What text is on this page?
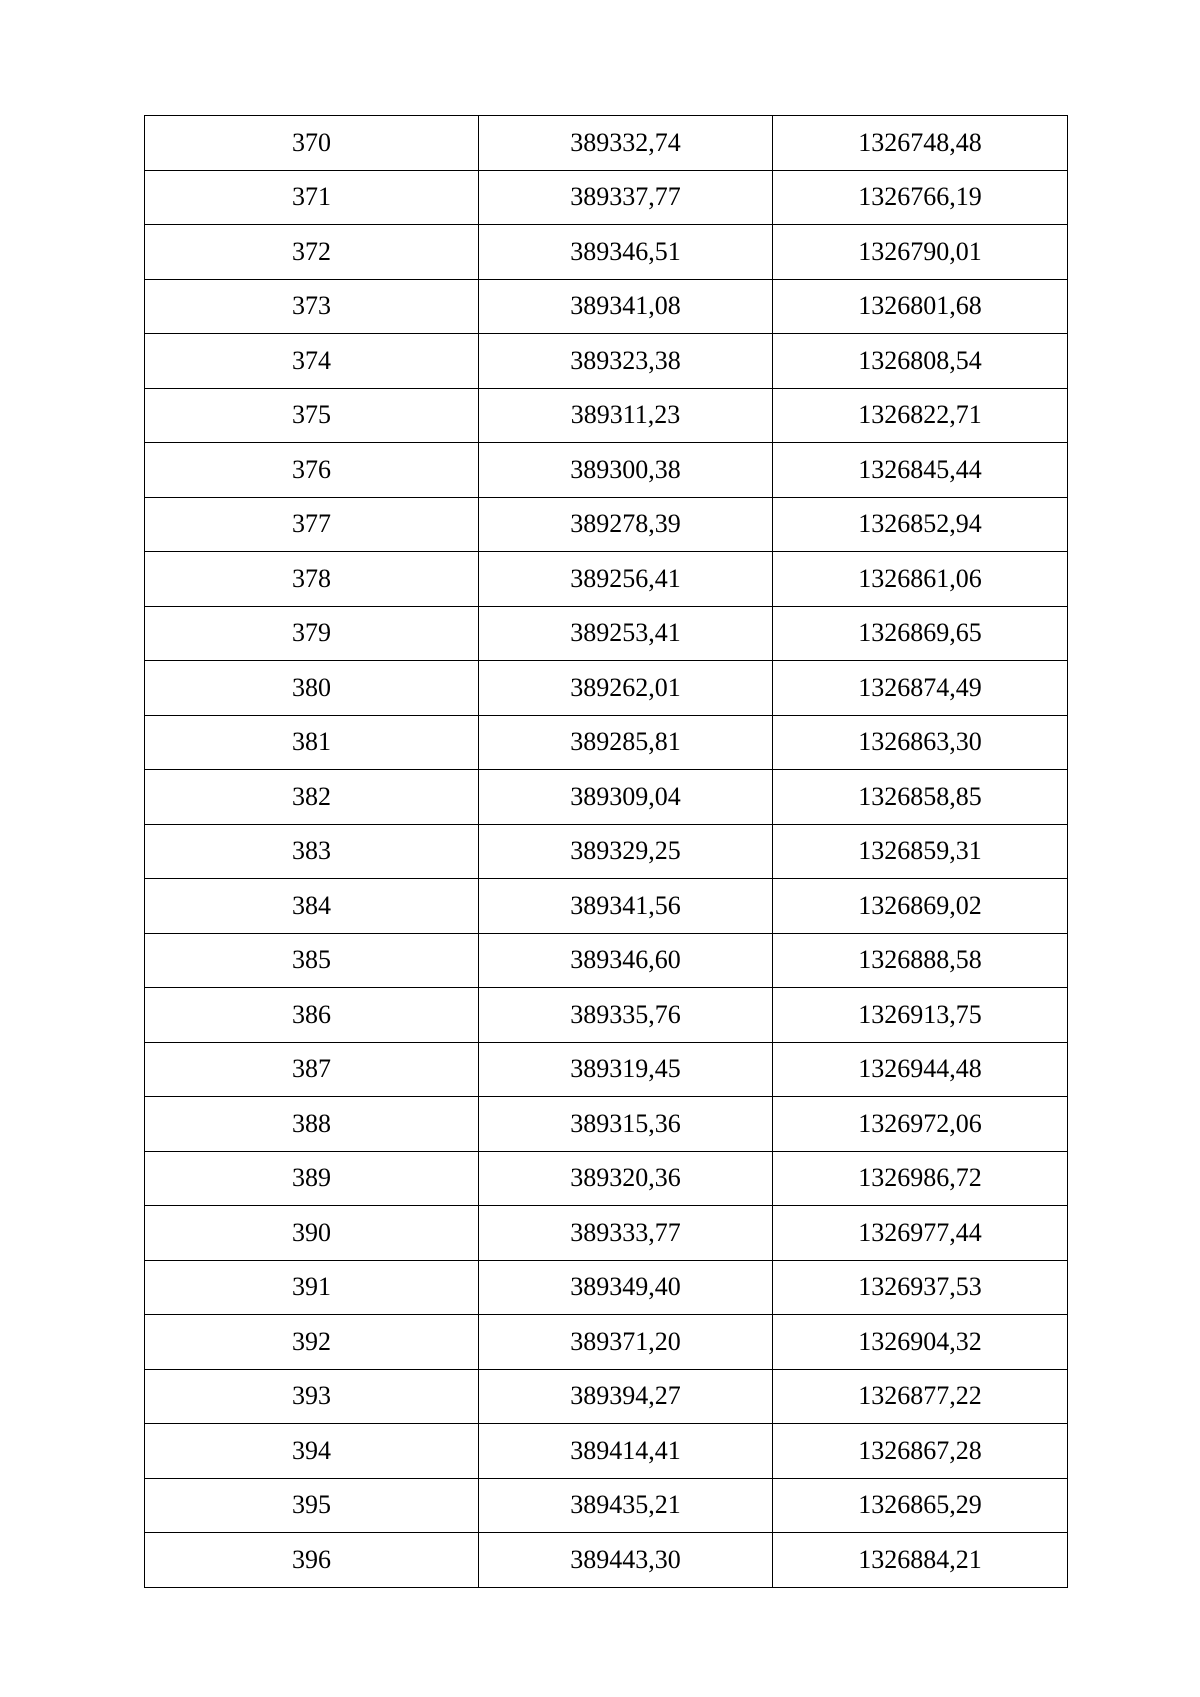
370	389332,74	1326748,48
371	389337,77	1326766,19
372	389346,51	1326790,01
373	389341,08	1326801,68
374	389323,38	1326808,54
375	389311,23	1326822,71
376	389300,38	1326845,44
377	389278,39	1326852,94
378	389256,41	1326861,06
379	389253,41	1326869,65
380	389262,01	1326874,49
381	389285,81	1326863,30
382	389309,04	1326858,85
383	389329,25	1326859,31
384	389341,56	1326869,02
385	389346,60	1326888,58
386	389335,76	1326913,75
387	389319,45	1326944,48
388	389315,36	1326972,06
389	389320,36	1326986,72
390	389333,77	1326977,44
391	389349,40	1326937,53
392	389371,20	1326904,32
393	389394,27	1326877,22
394	389414,41	1326867,28
395	389435,21	1326865,29
396	389443,30	1326884,21
